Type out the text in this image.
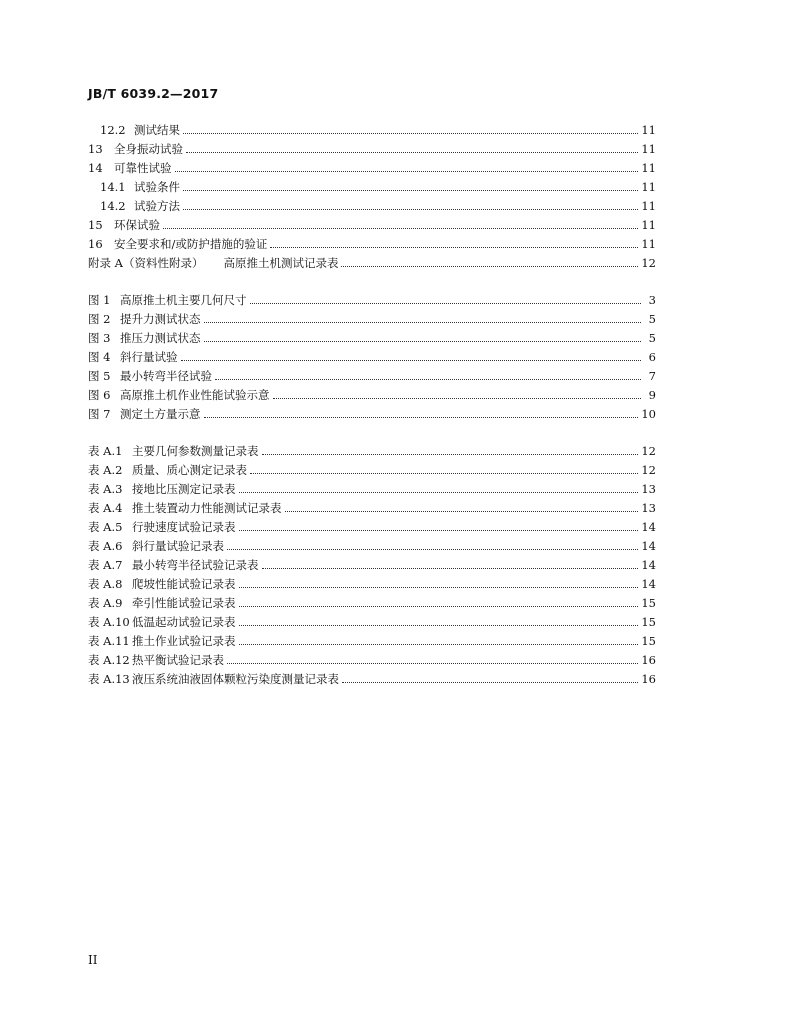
JB/T 6039.2—2017
12.2 测试结果	11
13 全身振动试验	11
14 可靠性试验	11
14.1 试验条件	11
14.2 试验方法	11
15 环保试验	11
16 安全要求和/或防护措施的验证	11
附录 A（资料性附录） 高原推土机测试记录表	12
图 1 高原推土机主要几何尺寸	3
图 2 提升力测试状态	5
图 3 推压力测试状态	5
图 4 斜行量试验	6
图 5 最小转弯半径试验	7
图 6 高原推土机作业性能试验示意	9
图 7 测定土方量示意	10
表 A.1 主要几何参数测量记录表	12
表 A.2 质量、质心测定记录表	12
表 A.3 接地比压测定记录表	13
表 A.4 推土装置动力性能测试记录表	13
表 A.5 行驶速度试验记录表	14
表 A.6 斜行量试验记录表	14
表 A.7 最小转弯半径试验记录表	14
表 A.8 爬坡性能试验记录表	14
表 A.9 牵引性能试验记录表	15
表 A.10 低温起动试验记录表	15
表 A.11 推土作业试验记录表	15
表 A.12 热平衡试验记录表	16
表 A.13 液压系统油液固体颗粒污染度测量记录表	16
II
